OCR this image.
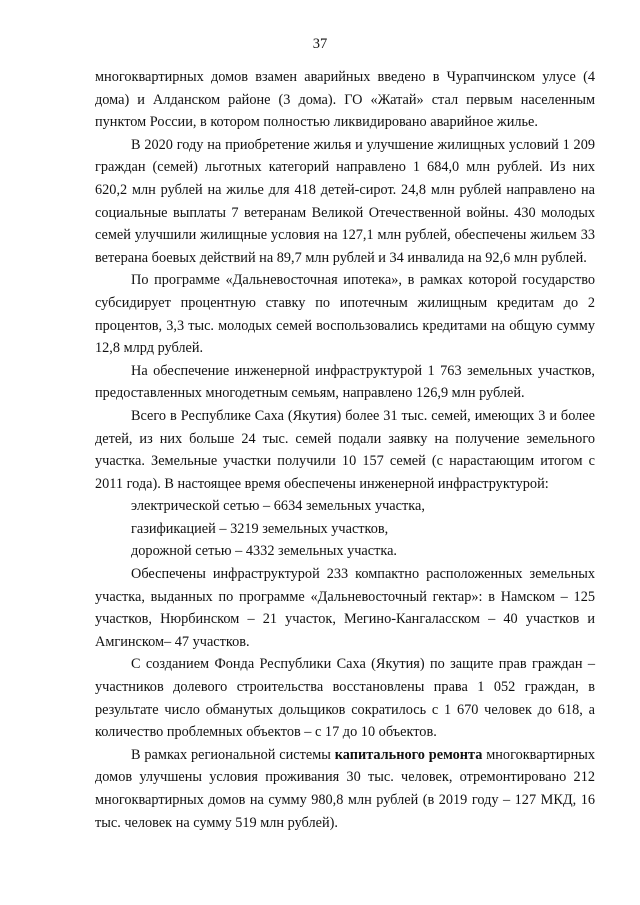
37

многоквартирных домов взамен аварийных введено в Чурапчинском улусе (4 дома) и Алданском районе (3 дома). ГО «Жатай» стал первым населенным пунктом России, в котором полностью ликвидировано аварийное жилье.

В 2020 году на приобретение жилья и улучшение жилищных условий 1 209 граждан (семей) льготных категорий направлено 1 684,0 млн рублей. Из них 620,2 млн рублей на жилье для 418 детей-сирот. 24,8 млн рублей направлено на социальные выплаты 7 ветеранам Великой Отечественной войны. 430 молодых семей улучшили жилищные условия на 127,1 млн рублей, обеспечены жильем 33 ветерана боевых действий на 89,7 млн рублей и 34 инвалида на 92,6 млн рублей.

По программе «Дальневосточная ипотека», в рамках которой государство субсидирует процентную ставку по ипотечным жилищным кредитам до 2 процентов, 3,3 тыс. молодых семей воспользовались кредитами на общую сумму 12,8 млрд рублей.

На обеспечение инженерной инфраструктурой 1 763 земельных участков, предоставленных многодетным семьям, направлено 126,9 млн рублей.

Всего в Республике Саха (Якутия) более 31 тыс. семей, имеющих 3 и более детей, из них больше 24 тыс. семей подали заявку на получение земельного участка. Земельные участки получили 10 157 семей (с нарастающим итогом с 2011 года). В настоящее время обеспечены инженерной инфраструктурой:

электрической сетью – 6634 земельных участка,

газификацией – 3219 земельных участков,

дорожной сетью – 4332 земельных участка.

Обеспечены инфраструктурой 233 компактно расположенных земельных участка, выданных по программе «Дальневосточный гектар»: в Намском – 125 участков, Нюрбинском – 21 участок, Мегино-Кангаласском – 40 участков и Амгинском– 47 участков.

С созданием Фонда Республики Саха (Якутия) по защите прав граждан – участников долевого строительства восстановлены права 1 052 граждан, в результате число обманутых дольщиков сократилось с 1 670 человек до 618, а количество проблемных объектов – с 17 до 10 объектов.

В рамках региональной системы капитального ремонта многоквартирных домов улучшены условия проживания 30 тыс. человек, отремонтировано 212 многоквартирных домов на сумму 980,8 млн рублей (в 2019 году – 127 МКД, 16 тыс. человек на сумму 519 млн рублей).
